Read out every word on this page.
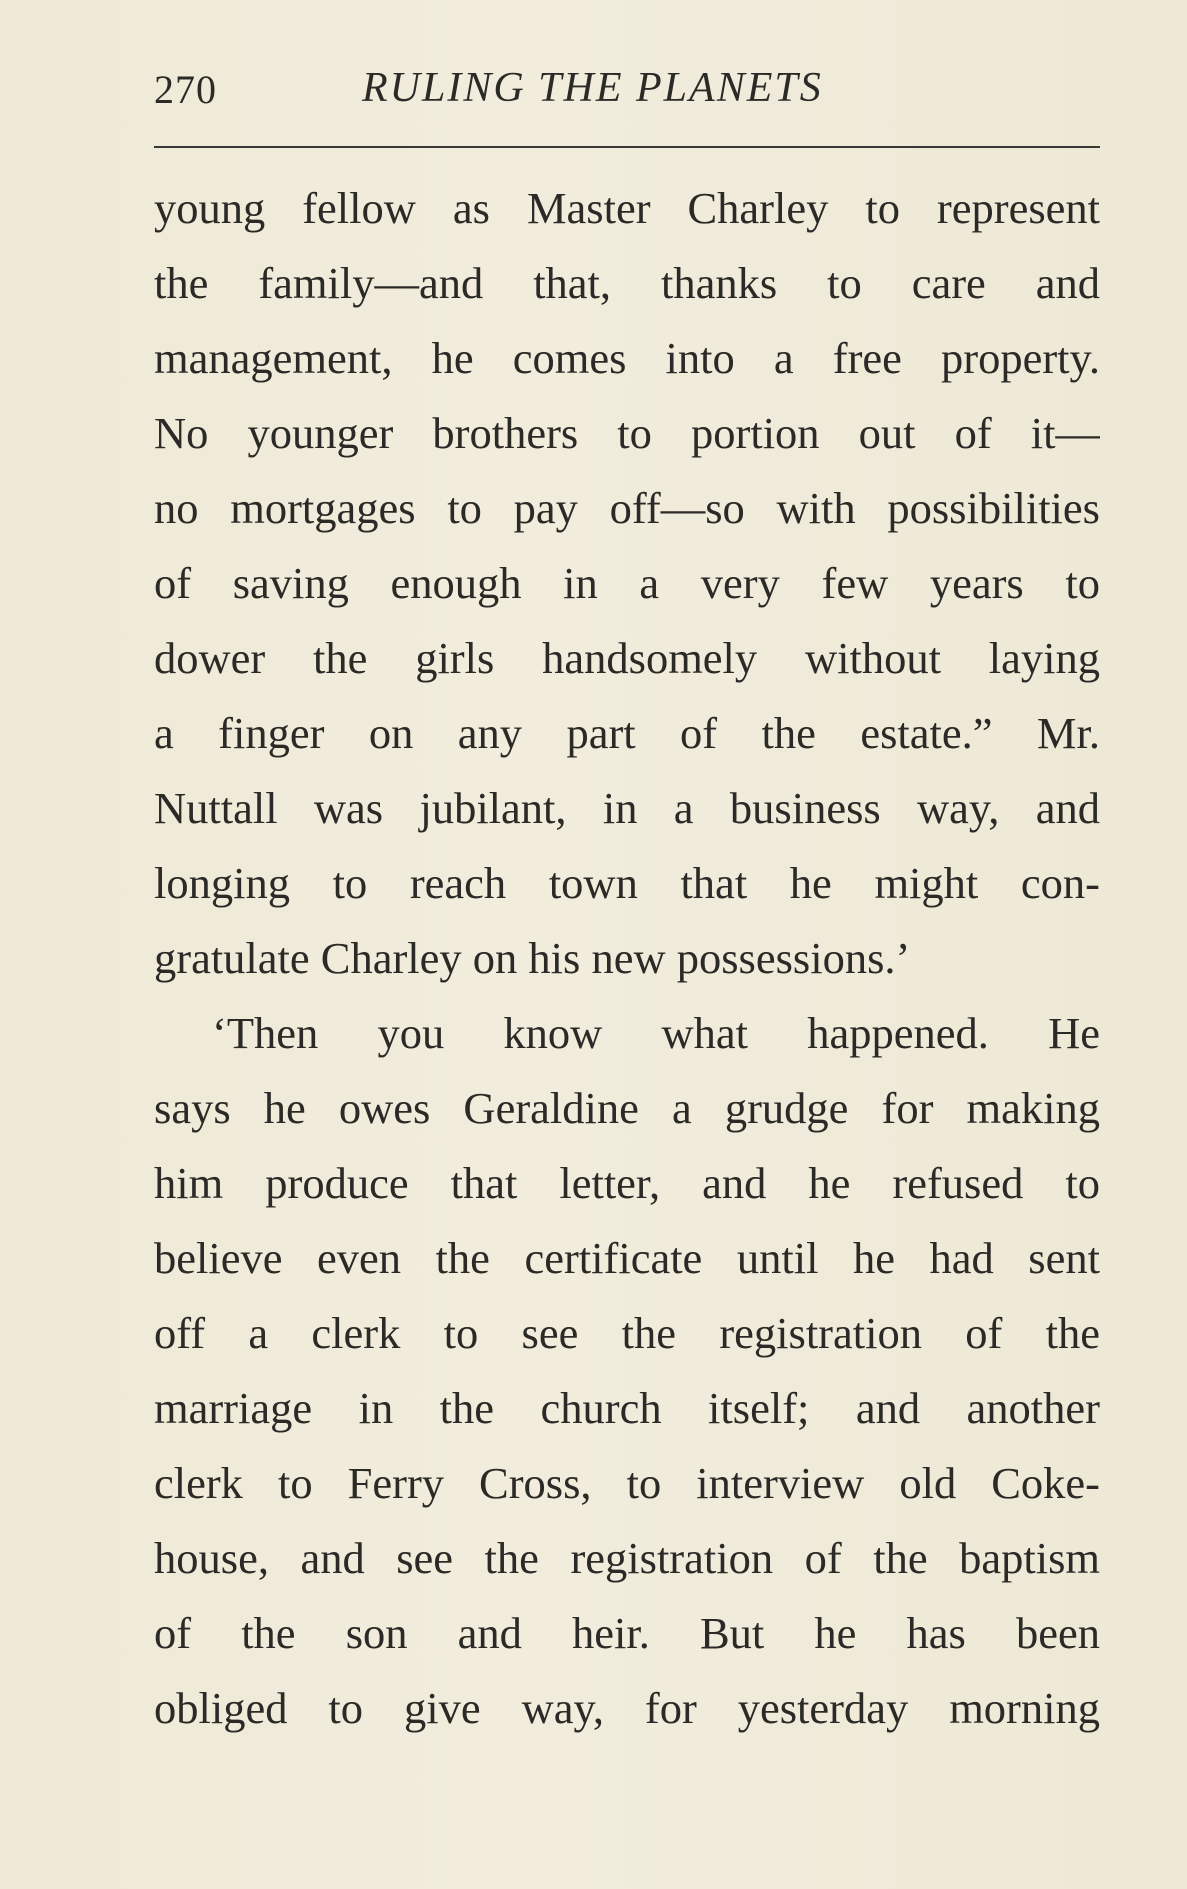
270	RULING THE PLANETS
young fellow as Master Charley to represent
the family—and that, thanks to care and
management, he comes into a free property.
No younger brothers to portion out of it—
no mortgages to pay off—so with possibilities
of saving enough in a very few years to
dower the girls handsomely without laying
a finger on any part of the estate.” Mr.
Nuttall was jubilant, in a business way, and
longing to reach town that he might con-
gratulate Charley on his new possessions.’
‘Then you know what happened. He
says he owes Geraldine a grudge for making
him produce that letter, and he refused to
believe even the certificate until he had sent
off a clerk to see the registration of the
marriage in the church itself; and another
clerk to Ferry Cross, to interview old Coke-
house, and see the registration of the baptism
of the son and heir. But he has been
obliged to give way, for yesterday morning
